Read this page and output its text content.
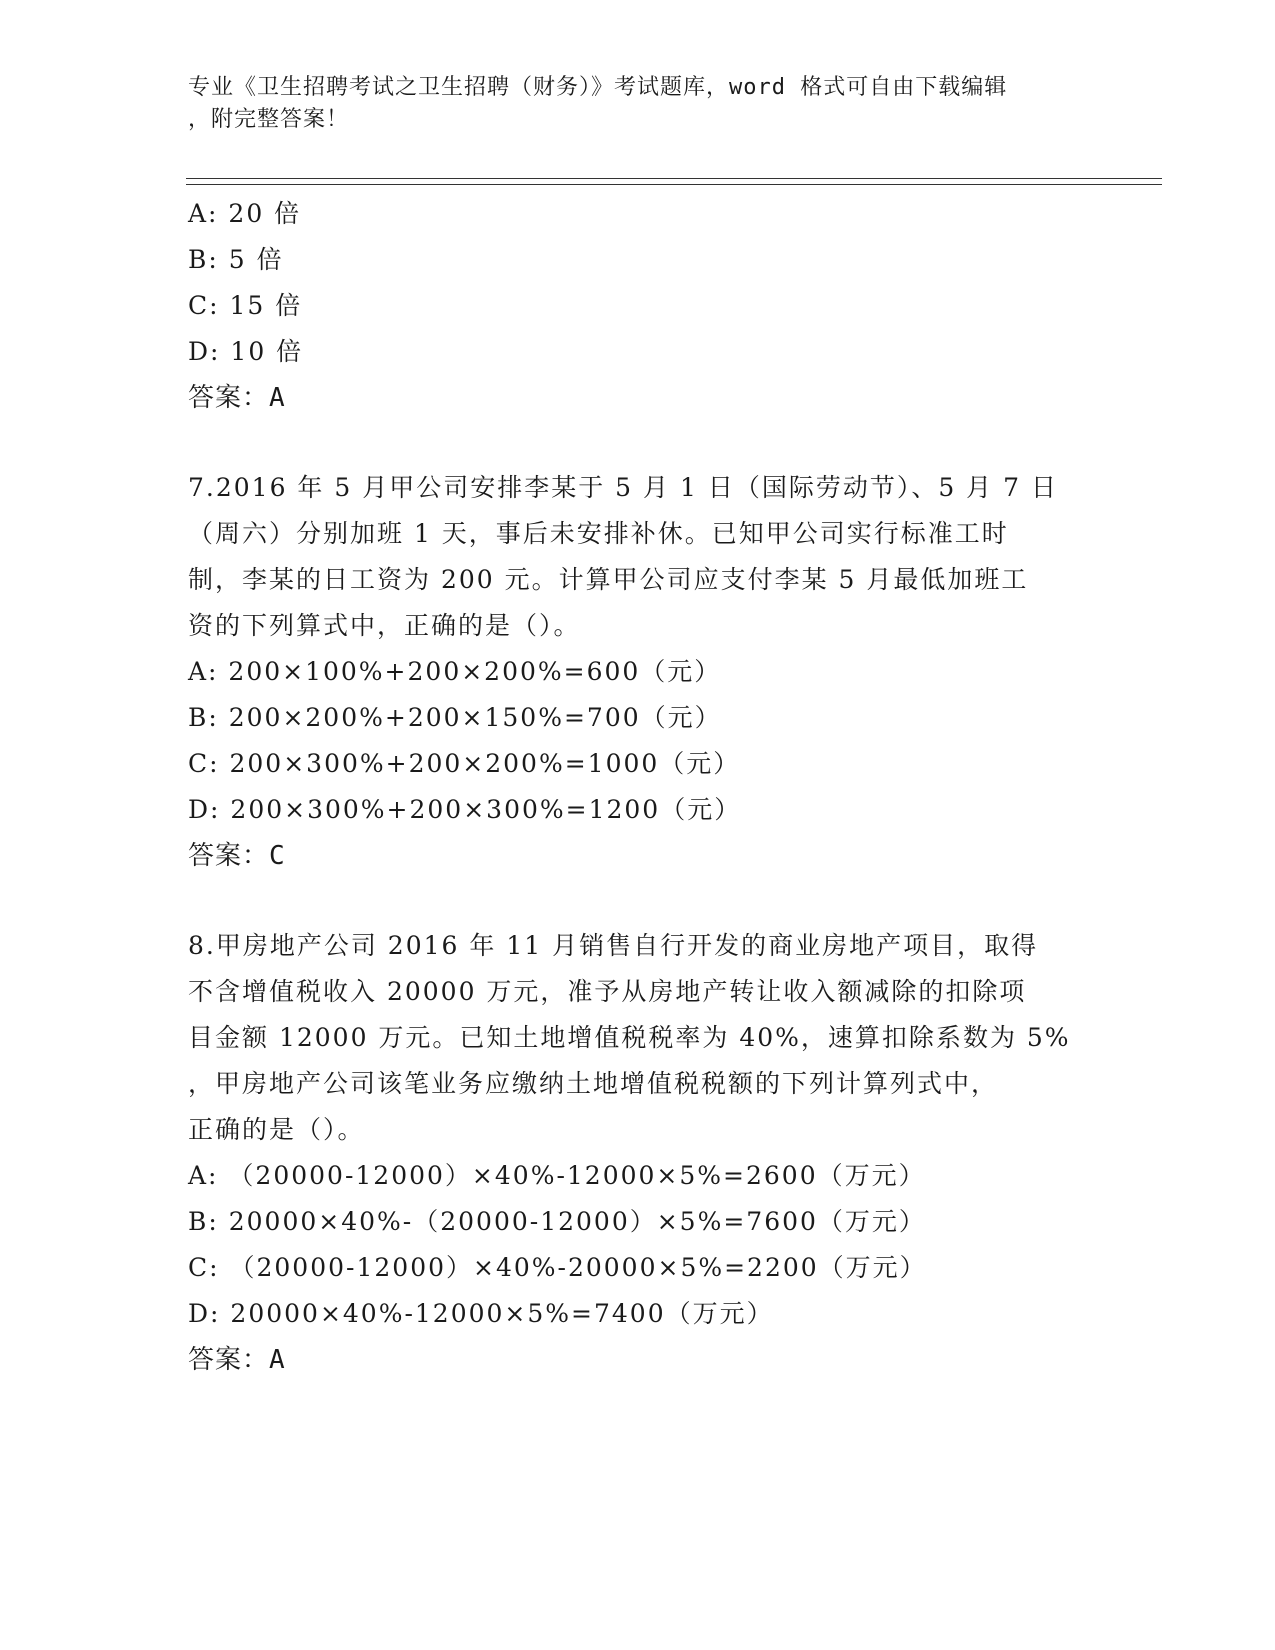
专业《卫生招聘考试之卫生招聘（财务）》考试题库，word 格式可自由下载编辑
，附完整答案！
A: 20 倍
B: 5 倍
C: 15 倍
D: 10 倍
答案：A
7.2016 年 5 月甲公司安排李某于 5 月 1 日（国际劳动节）、5 月 7 日
（周六）分别加班 1 天，事后未安排补休。已知甲公司实行标准工时
制，李某的日工资为 200 元。计算甲公司应支付李某 5 月最低加班工
资的下列算式中，正确的是（）。
A: 200×100%+200×200%=600（元）
B: 200×200%+200×150%=700（元）
C: 200×300%+200×200%=1000（元）
D: 200×300%+200×300%=1200（元）
答案：C
8.甲房地产公司 2016 年 11 月销售自行开发的商业房地产项目，取得
不含增值税收入 20000 万元，准予从房地产转让收入额减除的扣除项
目金额 12000 万元。已知土地增值税税率为 40%，速算扣除系数为 5%
，甲房地产公司该笔业务应缴纳土地增值税税额的下列计算列式中，
正确的是（）。
A: （20000-12000）×40%-12000×5%=2600（万元）
B: 20000×40%-（20000-12000）×5%=7600（万元）
C: （20000-12000）×40%-20000×5%=2200（万元）
D: 20000×40%-12000×5%=7400（万元）
答案：A
